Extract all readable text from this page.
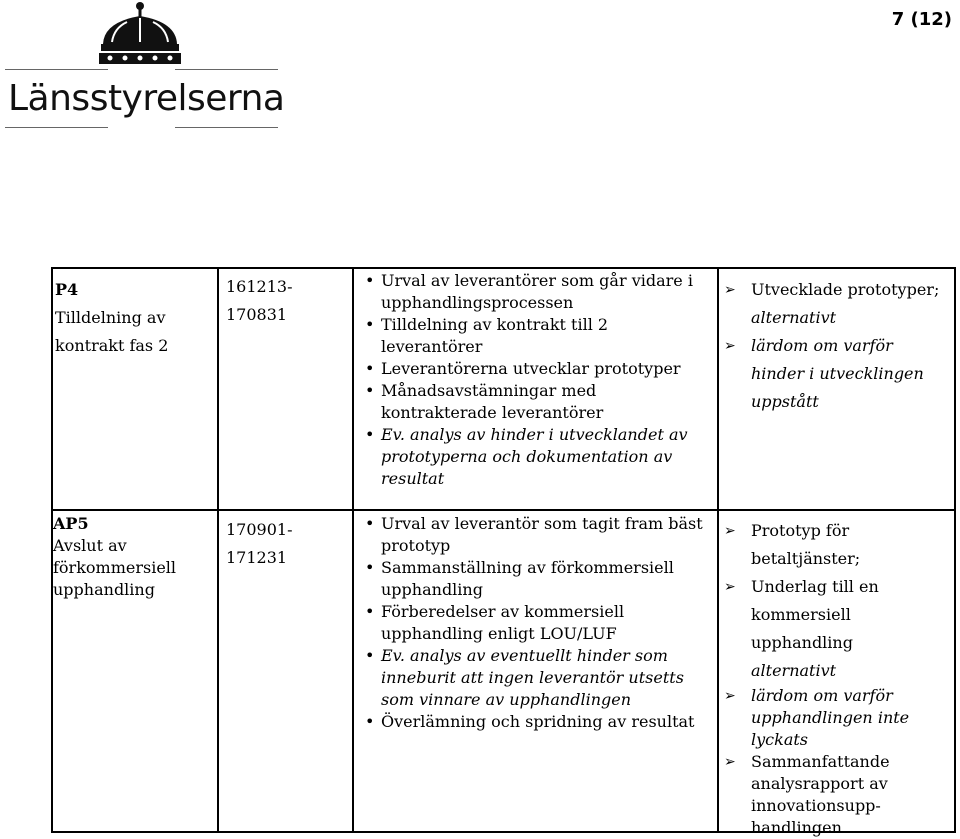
Länsstyrelserna
7 (12)
P4
Tilldelning av
kontrakt fas 2
161213-
170831
• Urval av leverantörer som går vidare i upphandlingsprocessen
• Tilldelning av kontrakt till 2 leverantörer
• Leverantörerna utvecklar prototyper
• Månadsavstämningar med kontrakterade leverantörer
• Ev. analys av hinder i utvecklandet av prototyperna och dokumentation av resultat
➢ Utvecklade prototyper;
alternativt
➢ lärdom om varför hinder i utvecklingen uppstått
AP5
Avslut av
förkommersiell
upphandling
170901-
171231
• Urval av leverantör som tagit fram bäst prototyp
• Sammanställning av förkommersiell upphandling
• Förberedelser av kommersiell upphandling enligt LOU/LUF
• Ev. analys av eventuellt hinder som inneburit att ingen leverantör utsetts som vinnare av upphandlingen
• Överlämning och spridning av resultat
➢ Prototyp för betaltjänster;
➢ Underlag till en kommersiell upphandling
alternativt
➢ lärdom om varför upphandlingen inte lyckats
➢ Sammanfattande analysrapport av innovationsupp-handlingen
